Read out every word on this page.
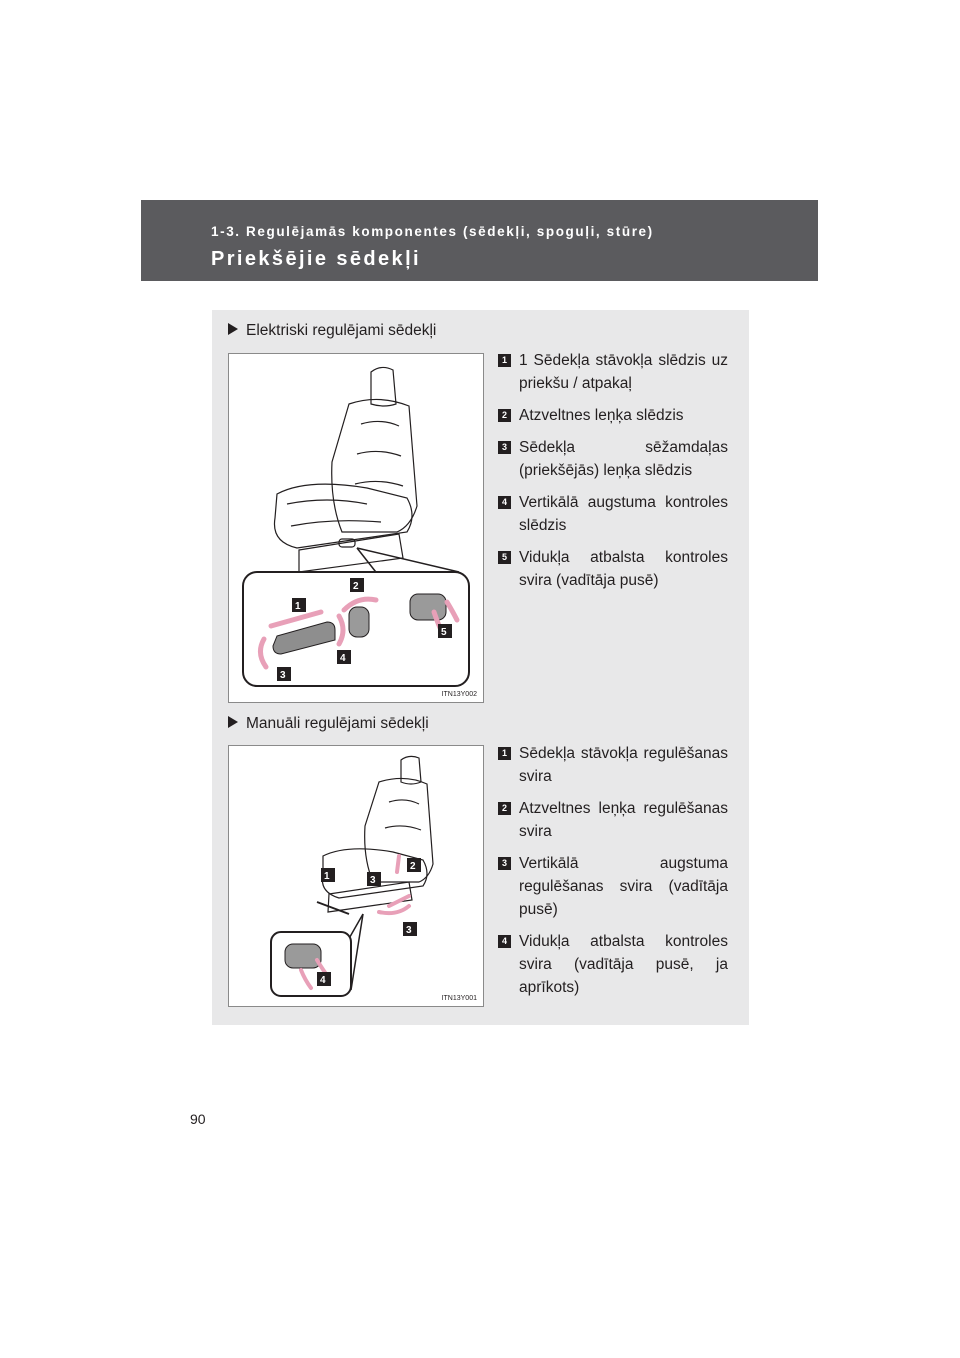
1-3. Regulējamās komponentes (sēdekļi, spoguļi, stūre)
Priekšējie sēdekļi
Elektriski regulējami sēdekļi
1
2
3
4
5
ITN13Y002
1 1 Sēdekļa stāvokļa slēdzis uz priekšu / atpakaļ
2 Atzveltnes leņķa slēdzis
3 Sēdekļa sēžamdaļas (priekšējās) leņķa slēdzis
4 Vertikālā augstuma kontroles slēdzis
5 Vidukļa atbalsta kontroles svira (vadītāja pusē)
Manuāli regulējami sēdekļi
1
2
3
3
4
ITN13Y001
1 Sēdekļa stāvokļa regulēšanas svira
2 Atzveltnes leņķa regulēšanas svira
3 Vertikālā augstuma regulēšanas svira (vadītāja pusē)
4 Vidukļa atbalsta kontroles svira (vadītāja pusē, ja aprīkots)
90
